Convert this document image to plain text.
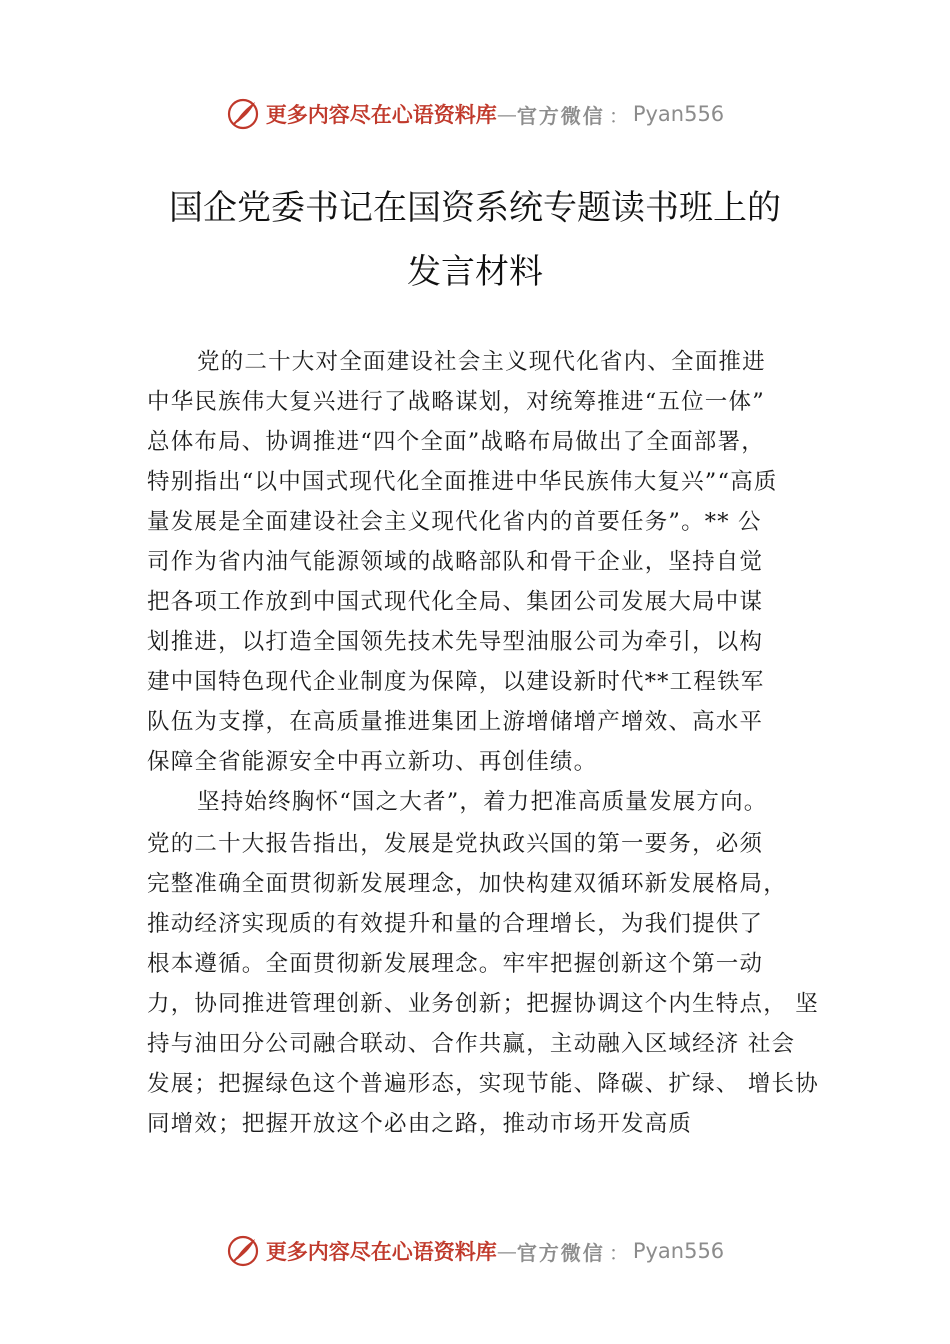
更多内容尽在心语资料库 — 官方微信 ： Pyan556
国企党委书记在国资系统专题读书班上的
发言材料
党的二十大对全面建设社会主义现代化省内、全面推进
中华民族伟大复兴进行了战略谋划，对统筹推进“五位一体”
总体布局、协调推进“四个全面”战略布局做出了全面部署，
特别指出“以中国式现代化全面推进中华民族伟大复兴”“高质
量发展是全面建设社会主义现代化省内的首要任务”。** 公
司作为省内油气能源领域的战略部队和骨干企业，坚持自觉
把各项工作放到中国式现代化全局、集团公司发展大局中谋
划推进，以打造全国领先技术先导型油服公司为牵引，以构
建中国特色现代企业制度为保障，以建设新时代**工程铁军
队伍为支撑，在高质量推进集团上游增储增产增效、高水平
保障全省能源安全中再立新功、再创佳绩。
坚持始终胸怀“国之大者”，着力把准高质量发展方向。
党的二十大报告指出，发展是党执政兴国的第一要务，必须
完整准确全面贯彻新发展理念，加快构建双循环新发展格局，
推动经济实现质的有效提升和量的合理增长，为我们提供了
根本遵循。全面贯彻新发展理念。牢牢把握创新这个第一动
力，协同推进管理创新、业务创新；把握协调这个内生特点， 坚
持与油田分公司融合联动、合作共赢，主动融入区域经济 社会
发展；把握绿色这个普遍形态，实现节能、降碳、扩绿、 增长协
同增效；把握开放这个必由之路，推动市场开发高质
更多内容尽在心语资料库 — 官方微信 ： Pyan556
